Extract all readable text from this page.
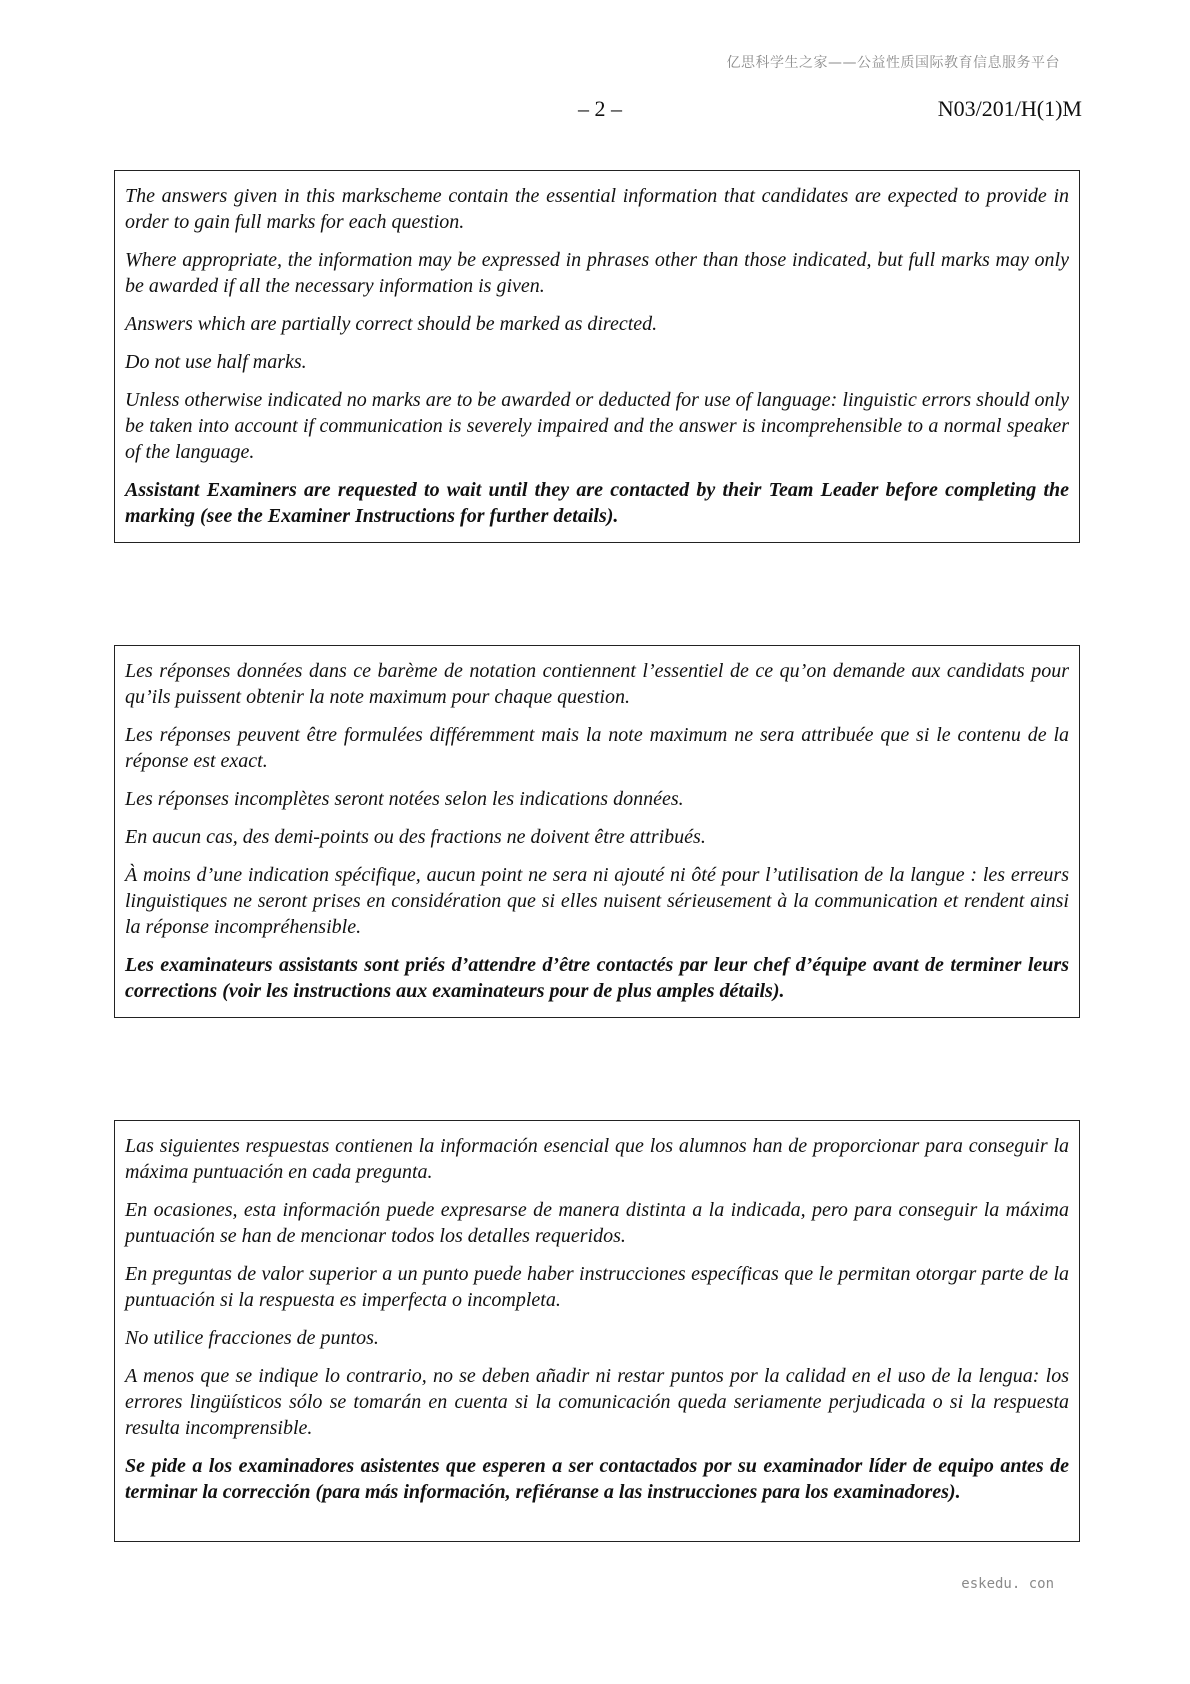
亿思科学生之家——公益性质国际教育信息服务平台
– 2 –	N03/201/H(1)M

The answers given in this markscheme contain the essential information that candidates are expected to provide in order to gain full marks for each question.

Where appropriate, the information may be expressed in phrases other than those indicated, but full marks may only be awarded if all the necessary information is given.

Answers which are partially correct should be marked as directed.

Do not use half marks.

Unless otherwise indicated no marks are to be awarded or deducted for use of language: linguistic errors should only be taken into account if communication is severely impaired and the answer is incomprehensible to a normal speaker of the language.

Assistant Examiners are requested to wait until they are contacted by their Team Leader before completing the marking (see the Examiner Instructions for further details).

Les réponses données dans ce barème de notation contiennent l’essentiel de ce qu’on demande aux candidats pour qu’ils puissent obtenir la note maximum pour chaque question.

Les réponses peuvent être formulées différemment mais la note maximum ne sera attribuée que si le contenu de la réponse est exact.

Les réponses incomplètes seront notées selon les indications données.

En aucun cas, des demi-points ou des fractions ne doivent être attribués.

À moins d’une indication spécifique, aucun point ne sera ni ajouté ni ôté pour l’utilisation de la langue : les erreurs linguistiques ne seront prises en considération que si elles nuisent sérieusement à la communication et rendent ainsi la réponse incompréhensible.

Les examinateurs assistants sont priés d’attendre d’être contactés par leur chef d’équipe avant de terminer leurs corrections (voir les instructions aux examinateurs pour de plus amples détails).

Las siguientes respuestas contienen la información esencial que los alumnos han de proporcionar para conseguir la máxima puntuación en cada pregunta.

En ocasiones, esta información puede expresarse de manera distinta a la indicada, pero para conseguir la máxima puntuación se han de mencionar todos los detalles requeridos.

En preguntas de valor superior a un punto puede haber instrucciones específicas que le permitan otorgar parte de la puntuación si la respuesta es imperfecta o incompleta.

No utilice fracciones de puntos.

A menos que se indique lo contrario, no se deben añadir ni restar puntos por la calidad en el uso de la lengua: los errores lingüísticos sólo se tomarán en cuenta si la comunicación queda seriamente perjudicada o si la respuesta resulta incomprensible.

Se pide a los examinadores asistentes que esperen a ser contactados por su examinador líder de equipo antes de terminar la corrección (para más información, refiéranse a las instrucciones para los examinadores).

eskedu. con
